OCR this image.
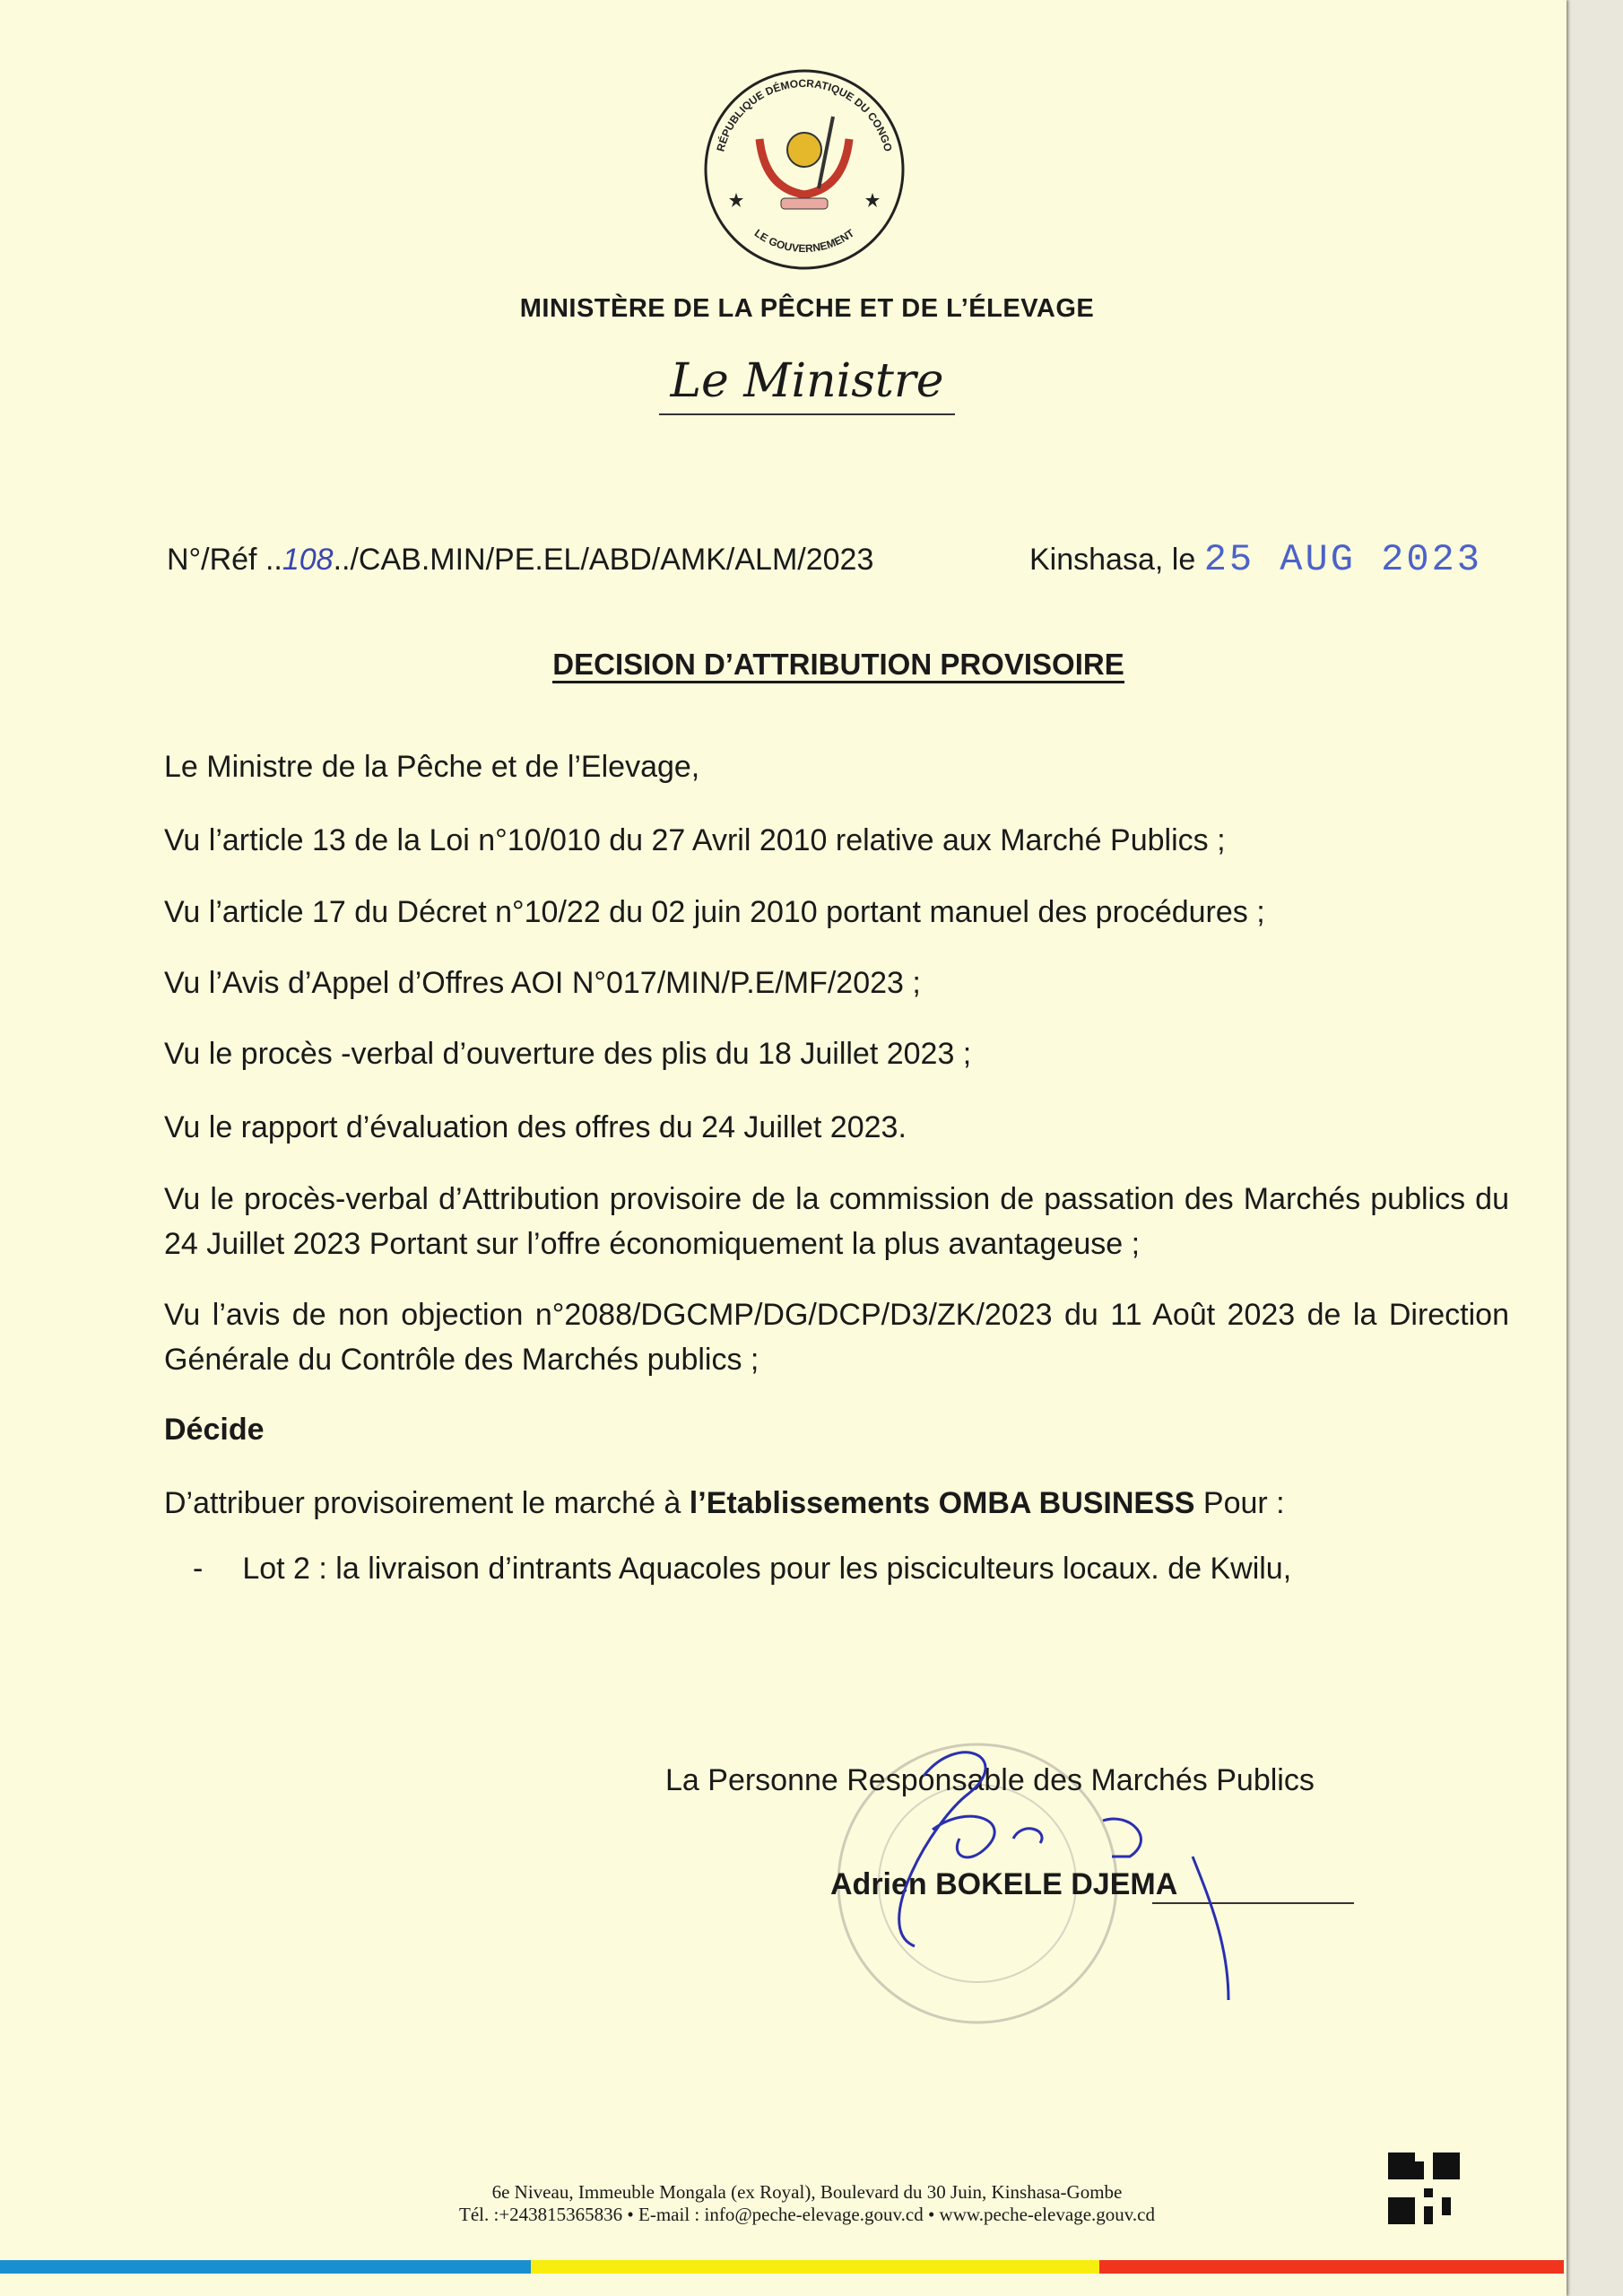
RÉPUBLIQUE DÉMOCRATIQUE DU CONGO
LE GOUVERNEMENT
MINISTÈRE DE LA PÊCHE ET DE L’ÉLEVAGE
Le Ministre
N°/Réf ..108../CAB.MIN/PE.EL/ABD/AMK/ALM/2023	Kinshasa, le 25 AUG 2023
DECISION D’ATTRIBUTION PROVISOIRE
Le Ministre de la Pêche et de l’Elevage,
Vu l’article 13 de la Loi n°10/010 du 27 Avril 2010 relative aux Marché Publics ;
Vu l’article 17 du Décret n°10/22 du 02 juin 2010 portant manuel des procédures ;
Vu l’Avis d’Appel d’Offres AOI N°017/MIN/P.E/MF/2023 ;
Vu le procès -verbal d’ouverture des plis du 18 Juillet 2023 ;
Vu le rapport d’évaluation des offres du 24 Juillet 2023.
Vu le procès-verbal d’Attribution provisoire de la commission de passation des Marchés publics du 24 Juillet 2023 Portant sur l’offre économiquement la plus avantageuse ;
Vu l’avis de non objection n°2088/DGCMP/DG/DCP/D3/ZK/2023 du 11 Août 2023 de la Direction Générale du Contrôle des Marchés publics ;
Décide
D’attribuer provisoirement le marché à l’Etablissements OMBA BUSINESS Pour :
- Lot 2 : la livraison d’intrants Aquacoles pour les pisciculteurs locaux. de Kwilu,
La Personne Responsable des Marchés Publics
Adrien BOKELE DJEMA
6e Niveau, Immeuble Mongala (ex Royal), Boulevard du 30 Juin, Kinshasa-Gombe
Tél. :+243815365836 • E-mail : info@peche-elevage.gouv.cd • www.peche-elevage.gouv.cd
